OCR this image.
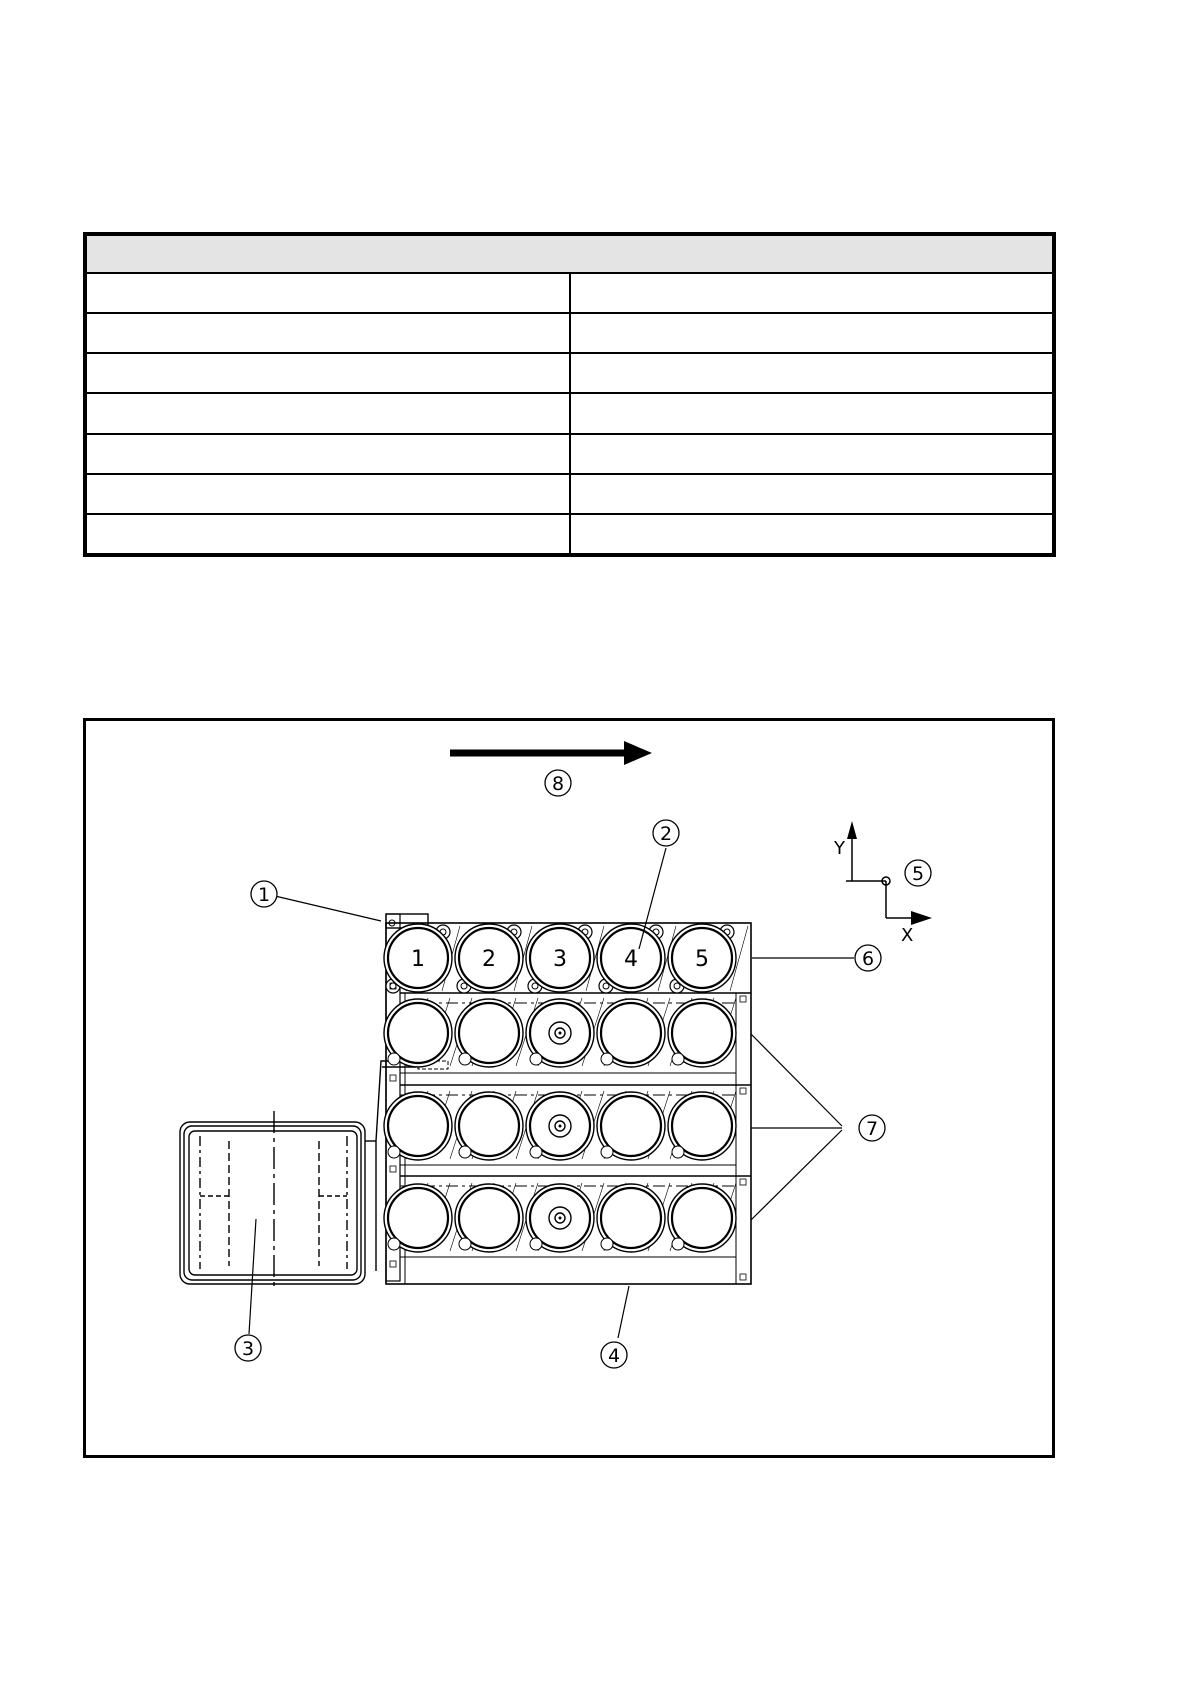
Y
X
1	2	3	4	5
1
2
3	4
5
6
7
8
